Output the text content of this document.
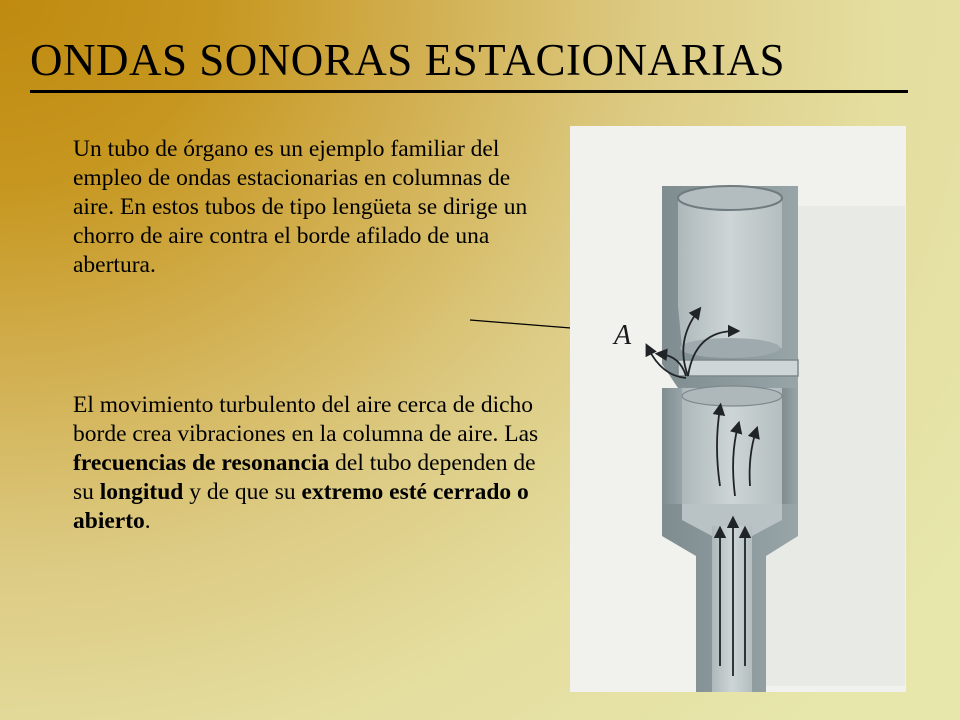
ONDAS SONORAS ESTACIONARIAS
Un tubo de órgano es un ejemplo familiar del empleo de ondas estacionarias en columnas de aire. En estos tubos de tipo lengüeta se dirige un chorro de aire contra el borde afilado de una abertura.
El movimiento turbulento del aire cerca de dicho borde crea vibraciones en la columna de aire. Las frecuencias de resonancia del tubo dependen de su longitud y de que su extremo esté cerrado o abierto.
A
